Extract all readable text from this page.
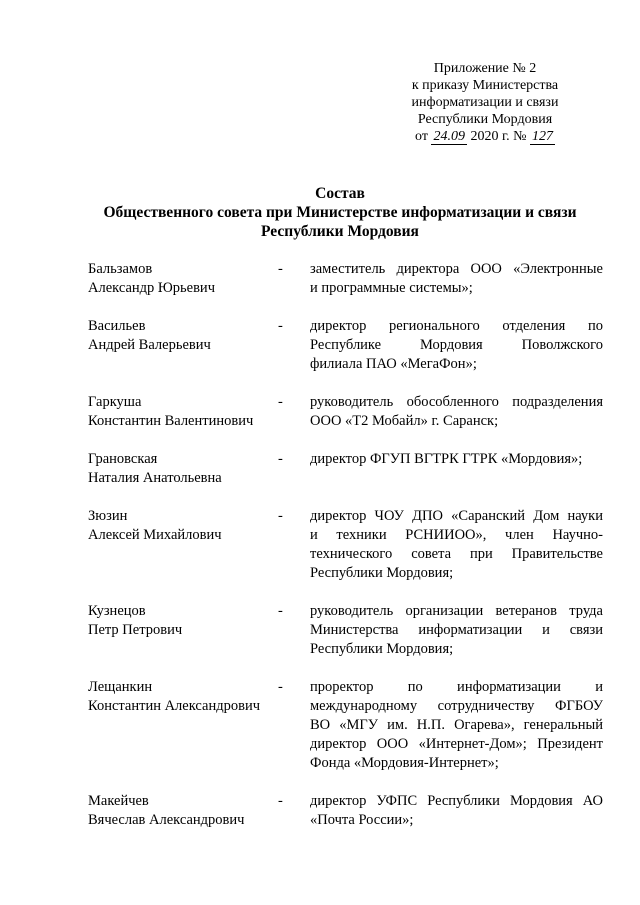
Приложение № 2
к приказу Министерства
информатизации и связи
Республики Мордовия
от 24.09 2020 г. № 127
Состав
Общественного совета при Министерстве информатизации и связи
Республики Мордовия
Бальзамов
Александр Юрьевич
-	заместитель директора ООО «Электронные
и программные системы»;
Васильев
Андрей Валерьевич
-	директор регионального отделения по
Республике Мордовия Поволжского
филиала ПАО «МегаФон»;
Гаркуша
Константин Валентинович
-	руководитель обособленного подразделения
ООО «Т2 Мобайл» г. Саранск;
Грановская
Наталия Анатольевна
-	директор ФГУП ВГТРК ГТРК «Мордовия»;
Зюзин
Алексей Михайлович
-	директор ЧОУ ДПО «Саранский Дом науки
и техники РСНИИОО», член Научно-
технического совета при Правительстве
Республики Мордовия;
Кузнецов
Петр Петрович
-	руководитель организации ветеранов труда
Министерства информатизации и связи
Республики Мордовия;
Лещанкин
Константин Александрович
-	проректор по информатизации и
международному сотрудничеству ФГБОУ
ВО «МГУ им. Н.П. Огарева», генеральный
директор ООО «Интернет-Дом»; Президент
Фонда «Мордовия-Интернет»;
Макейчев
Вячеслав Александрович
-	директор УФПС Республики Мордовия АО
«Почта России»;
